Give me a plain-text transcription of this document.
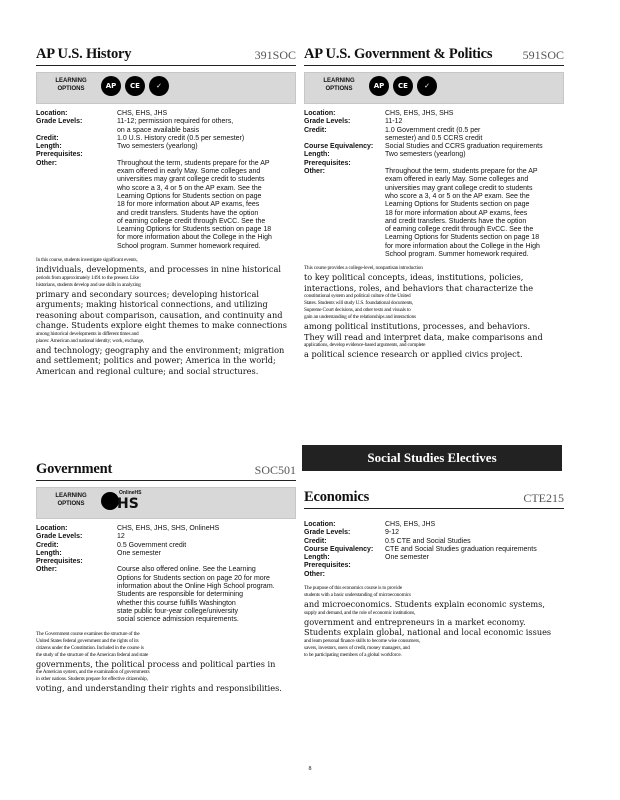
AP U.S. History	391SOC
LEARNING OPTIONS	AP	CE	✓
Location:	CHS, EHS, JHS
Grade Levels:	11-12; permission required for others,
on a space available basis
Credit:	1.0 U.S. History credit (0.5 per semester)
Length:	Two semesters (yearlong)
Prerequisites:
Other:	Throughout the term, students prepare for the AP
exam offered in early May. Some colleges and
universities may grant college credit to students
who score a 3, 4 or 5 on the AP exam. See the
Learning Options for Students section on page
18 for more information about AP exams, fees
and credit transfers. Students have the option
of earning college credit through EvCC. See the
Learning Options for Students section on page 18
for more information about the College in the High
School program. Summer homework required.
In this course, students investigate significant events,
individuals, developments, and processes in nine historical
periods from approximately 1491 to the present. Like
historians, students develop and use skills in analyzing
primary and secondary sources; developing historical
arguments; making historical connections, and utilizing
reasoning about comparison, causation, and continuity and
change. Students explore eight themes to make connections
among historical developments in different times and
places: American and national identity; work, exchange,
and technology; geography and the environment; migration
and settlement; politics and power; America in the world;
American and regional culture; and social structures.
AP U.S. Government & Politics	591SOC
LEARNING OPTIONS	AP	CE	✓
Location:	CHS, EHS, JHS, SHS
Grade Levels:	11-12
Credit:	1.0 Government credit (0.5 per
semester) and 0.5 CCRS credit
Course Equivalency:	Social Studies and CCRS graduation requirements
Length:	Two semesters (yearlong)
Prerequisites:
Other:	Throughout the term, students prepare for the AP
exam offered in early May. Some colleges and
universities may grant college credit to students
who score a 3, 4 or 5 on the AP exam. See the
Learning Options for Students section on page
18 for more information about AP exams, fees
and credit transfers. Students have the option
of earning college credit through EvCC. See the
Learning Options for Students section on page 18
for more information about the College in the High
School program. Summer homework required.
This course provides a college-level, nonpartisan introduction
to key political concepts, ideas, institutions, policies,
interactions, roles, and behaviors that characterize the
constitutional system and political culture of the United
States. Students will study U.S. foundational documents,
Supreme Court decisions, and other texts and visuals to
gain an understanding of the relationships and interactions
among political institutions, processes, and behaviors.
They will read and interpret data, make comparisons and
applications, develop evidence-based arguments, and complete
a political science research or applied civics project.
Social Studies Electives
Government	SOC501
LEARNING OPTIONS
OnlineHS
HS
Location:	CHS, EHS, JHS, SHS, OnlineHS
Grade Levels:	12
Credit:	0.5 Government credit
Length:	One semester
Prerequisites:
Other:	Course also offered online. See the Learning
Options for Students section on page 20 for more
information about the Online High School program.
Students are responsible for determining
whether this course fulfills Washington
state public four-year college/university
social science admission requirements.
The Government course examines the structure of the
United States federal government and the rights of its
citizens under the Constitution. Included in the course is
the study of the structure of the American federal and state
governments, the political process and political parties in
the American system, and the examination of governments
in other nations. Students prepare for effective citizenship,
voting, and understanding their rights and responsibilities.
Economics	CTE215
Location:	CHS, EHS, JHS
Grade Levels:	9-12
Credit:	0.5 CTE and Social Studies
Course Equivalency:	CTE and Social Studies graduation requirements
Length:	One semester
Prerequisites:
Other:
The purpose of this economics course is to provide
students with a basic understanding of microeconomics
and microeconomics. Students explain economic systems,
supply and demand, and the role of economic institutions,
government and entrepreneurs in a market economy.
Students explain global, national and local economic issues
and learn personal finance skills to become wise consumers,
savers, investors, users of credit, money managers, and
to be participating members of a global workforce.
8
